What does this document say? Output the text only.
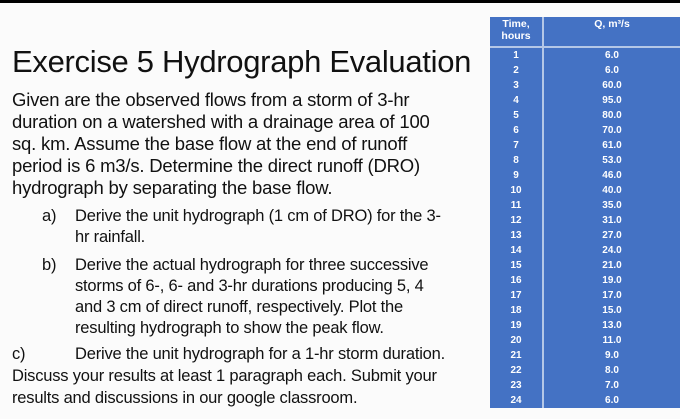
Exercise 5 Hydrograph Evaluation
Given are the observed flows from a storm of 3-hr
duration on a watershed with a drainage area of 100
sq. km. Assume the base flow at the end of runoff
period is 6 m3/s. Determine the direct runoff (DRO)
hydrograph by separating the base flow.
a) Derive the unit hydrograph (1 cm of DRO) for the 3-
hr rainfall.
b) Derive the actual hydrograph for three successive
storms of 6-, 6- and 3-hr durations producing 5, 4
and 3 cm of direct runoff, respectively. Plot the
resulting hydrograph to show the peak flow.
c)	Derive the unit hydrograph for a 1-hr storm duration.
Discuss your results at least 1 paragraph each. Submit your
results and discussions in our google classroom.
Time, hours	Q, m³/s
1	6.0
2	6.0
3	60.0
4	95.0
5	80.0
6	70.0
7	61.0
8	53.0
9	46.0
10	40.0
11	35.0
12	31.0
13	27.0
14	24.0
15	21.0
16	19.0
17	17.0
18	15.0
19	13.0
20	11.0
21	9.0
22	8.0
23	7.0
24	6.0
